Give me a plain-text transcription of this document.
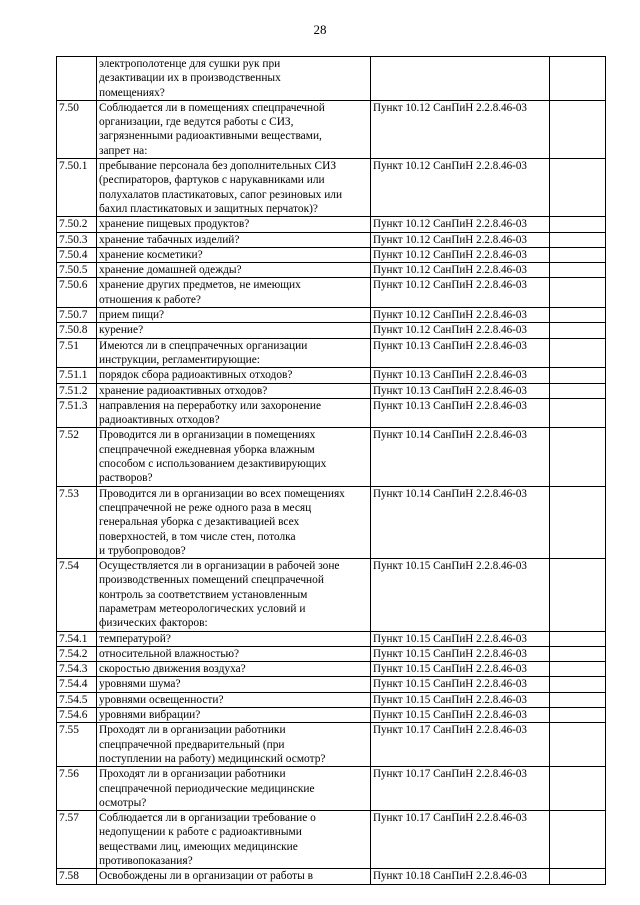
28
	электрополотенце для сушки рук при
дезактивации их в производственных
помещениях?		
7.50	Соблюдается ли в помещениях спецпрачечной
организации, где ведутся работы с СИЗ,
загрязненными радиоактивными веществами,
запрет на:	Пункт 10.12 СанПиН 2.2.8.46-03	
7.50.1	пребывание персонала без дополнительных СИЗ
(респираторов, фартуков с нарукавниками или
полухалатов пластикатовых, сапог резиновых или
бахил пластикатовых и защитных перчаток)?	Пункт 10.12 СанПиН 2.2.8.46-03	
7.50.2	хранение пищевых продуктов?	Пункт 10.12 СанПиН 2.2.8.46-03	
7.50.3	хранение табачных изделий?	Пункт 10.12 СанПиН 2.2.8.46-03	
7.50.4	хранение косметики?	Пункт 10.12 СанПиН 2.2.8.46-03	
7.50.5	хранение домашней одежды?	Пункт 10.12 СанПиН 2.2.8.46-03	
7.50.6	хранение других предметов, не имеющих
отношения к работе?	Пункт 10.12 СанПиН 2.2.8.46-03	
7.50.7	прием пищи?	Пункт 10.12 СанПиН 2.2.8.46-03	
7.50.8	курение?	Пункт 10.12 СанПиН 2.2.8.46-03	
7.51	Имеются ли в спецпрачечных организации
инструкции, регламентирующие:	Пункт 10.13 СанПиН 2.2.8.46-03	
7.51.1	порядок сбора радиоактивных отходов?	Пункт 10.13 СанПиН 2.2.8.46-03	
7.51.2	хранение радиоактивных отходов?	Пункт 10.13 СанПиН 2.2.8.46-03	
7.51.3	направления на переработку или захоронение
радиоактивных отходов?	Пункт 10.13 СанПиН 2.2.8.46-03	
7.52	Проводится ли в организации в помещениях
спецпрачечной ежедневная уборка влажным
способом с использованием дезактивирующих
растворов?	Пункт 10.14 СанПиН 2.2.8.46-03	
7.53	Проводится ли в организации во всех помещениях
спецпрачечной не реже одного раза в месяц
генеральная уборка с дезактивацией всех
поверхностей, в том числе стен, потолка
и трубопроводов?	Пункт 10.14 СанПиН 2.2.8.46-03	
7.54	Осуществляется ли в организации в рабочей зоне
производственных помещений спецпрачечной
контроль за соответствием установленным
параметрам метеорологических условий и
физических факторов:	Пункт 10.15 СанПиН 2.2.8.46-03	
7.54.1	температурой?	Пункт 10.15 СанПиН 2.2.8.46-03	
7.54.2	относительной влажностью?	Пункт 10.15 СанПиН 2.2.8.46-03	
7.54.3	скоростью движения воздуха?	Пункт 10.15 СанПиН 2.2.8.46-03	
7.54.4	уровнями шума?	Пункт 10.15 СанПиН 2.2.8.46-03	
7.54.5	уровнями освещенности?	Пункт 10.15 СанПиН 2.2.8.46-03	
7.54.6	уровнями вибрации?	Пункт 10.15 СанПиН 2.2.8.46-03	
7.55	Проходят ли в организации работники
спецпрачечной предварительный (при
поступлении на работу) медицинский осмотр?	Пункт 10.17 СанПиН 2.2.8.46-03	
7.56	Проходят ли в организации работники
спецпрачечной периодические медицинские
осмотры?	Пункт 10.17 СанПиН 2.2.8.46-03	
7.57	Соблюдается ли в организации требование о
недопущении к работе с радиоактивными
веществами лиц, имеющих медицинские
противопоказания?	Пункт 10.17 СанПиН 2.2.8.46-03	
7.58	Освобождены ли в организации от работы в	Пункт 10.18 СанПиН 2.2.8.46-03	
